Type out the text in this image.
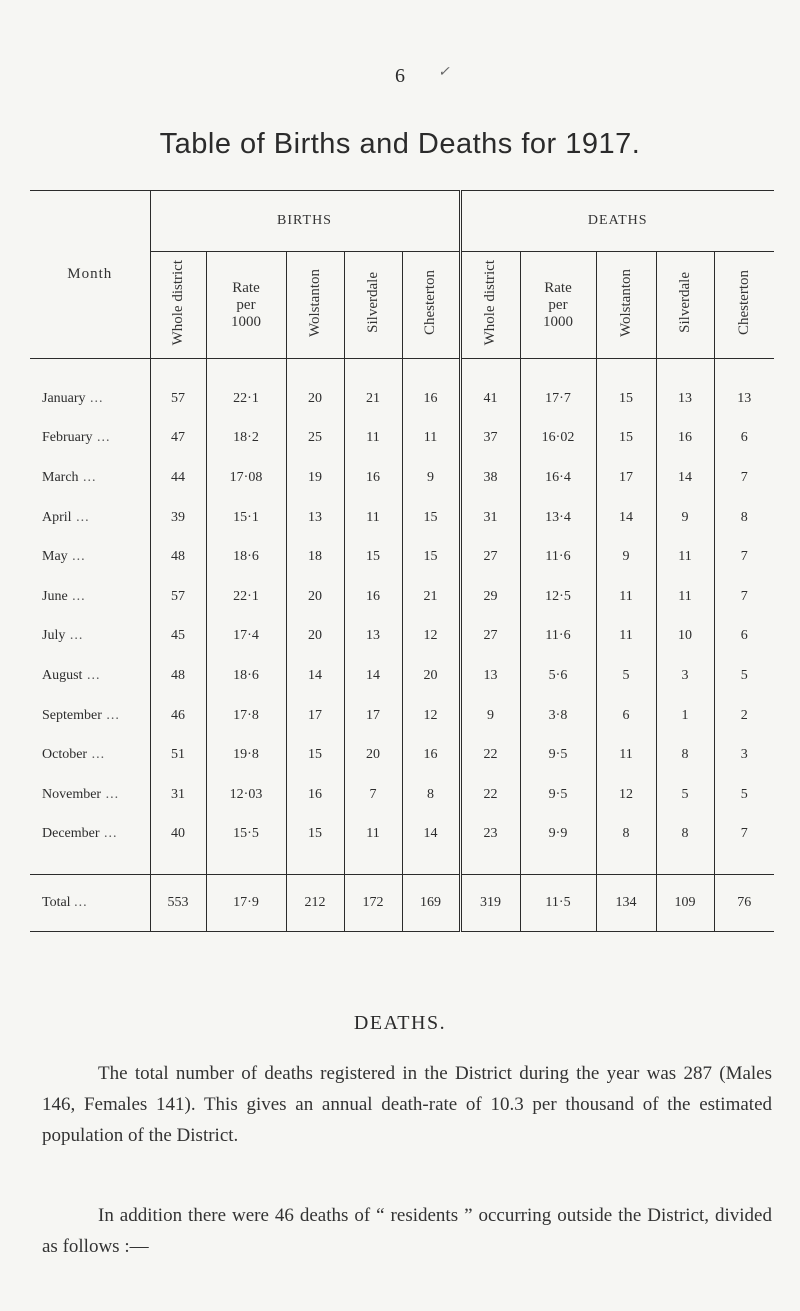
6	✓
Table of Births and Deaths for 1917.
Month	BIRTHS					DEATHS				
	Whole district	Rate per 1000	Wolstanton	Silverdale	Chesterton	Whole district	Rate per 1000	Wolstanton	Silverdale	Chesterton

January ...	57	22·1	20	21	16	41	17·7	15	13	13
February ...	47	18·2	25	11	11	37	16·02	15	16	6
March ...	44	17·08	19	16	9	38	16·4	17	14	7
April ...	39	15·1	13	11	15	31	13·4	14	9	8
May ...	48	18·6	18	15	15	27	11·6	9	11	7
June ...	57	22·1	20	16	21	29	12·5	11	11	7
July ...	45	17·4	20	13	12	27	11·6	11	10	6
August ...	48	18·6	14	14	20	13	5·6	5	3	5
September ...	46	17·8	17	17	12	9	3·8	6	1	2
October ...	51	19·8	15	20	16	22	9·5	11	8	3
November ...	31	12·03	16	7	8	22	9·5	12	5	5
December ...	40	15·5	15	11	14	23	9·9	8	8	7

Total ...	553	17·9	212	172	169	319	11·5	134	109	76
DEATHS.

The total number of deaths registered in the District during the year was 287 (Males 146, Females 141). This gives an annual death-rate of 10.3 per thousand of the estimated population of the District.

In addition there were 46 deaths of “ residents ” occurring outside the District, divided as follows :—
